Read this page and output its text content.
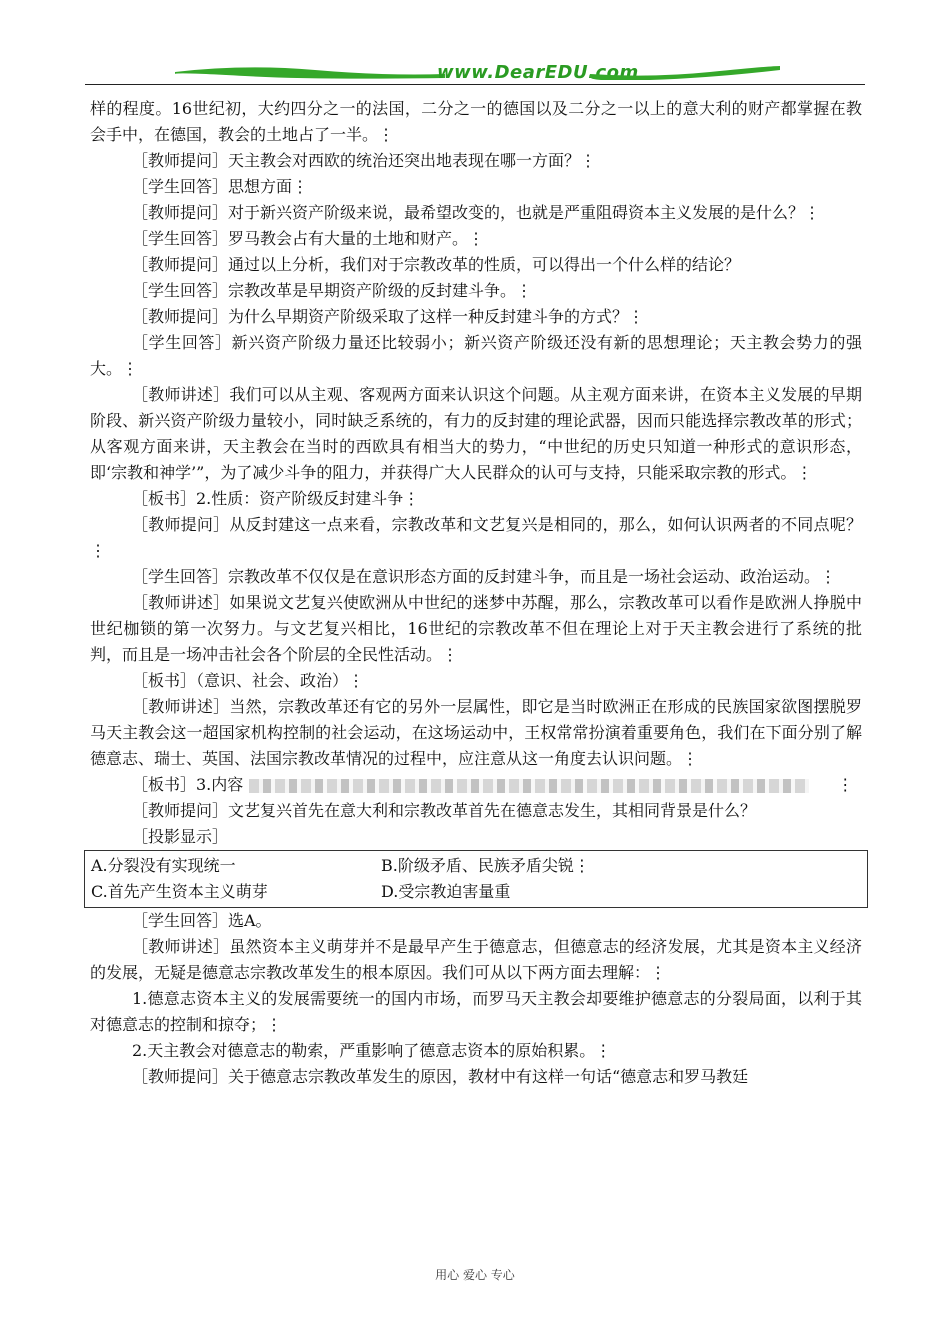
www.DearEDU.com

样的程度。16世纪初，大约四分之一的法国，二分之一的德国以及二分之一以上的意大利的财产都掌握在教会手中，在德国，教会的土地占了一半。⋮

［教师提问］天主教会对西欧的统治还突出地表现在哪一方面？⋮

［学生回答］思想方面⋮

［教师提问］对于新兴资产阶级来说，最希望改变的，也就是严重阻碍资本主义发展的是什么？⋮

［学生回答］罗马教会占有大量的土地和财产。⋮

［教师提问］通过以上分析，我们对于宗教改革的性质，可以得出一个什么样的结论？

［学生回答］宗教改革是早期资产阶级的反封建斗争。⋮

［教师提问］为什么早期资产阶级采取了这样一种反封建斗争的方式？⋮

［学生回答］新兴资产阶级力量还比较弱小；新兴资产阶级还没有新的思想理论；天主教会势力的强大。⋮

［教师讲述］我们可以从主观、客观两方面来认识这个问题。从主观方面来讲，在资本主义发展的早期阶段、新兴资产阶级力量较小，同时缺乏系统的，有力的反封建的理论武器，因而只能选择宗教改革的形式；从客观方面来讲，天主教会在当时的西欧具有相当大的势力，“中世纪的历史只知道一种形式的意识形态，即‘宗教和神学’”，为了减少斗争的阻力，并获得广大人民群众的认可与支持，只能采取宗教的形式。⋮

［板书］2.性质：资产阶级反封建斗争⋮

［教师提问］从反封建这一点来看，宗教改革和文艺复兴是相同的，那么，如何认识两者的不同点呢？⋮

［学生回答］宗教改革不仅仅是在意识形态方面的反封建斗争，而且是一场社会运动、政治运动。⋮

［教师讲述］如果说文艺复兴使欧洲从中世纪的迷梦中苏醒，那么，宗教改革可以看作是欧洲人挣脱中世纪枷锁的第一次努力。与文艺复兴相比，16世纪的宗教改革不但在理论上对于天主教会进行了系统的批判，而且是一场冲击社会各个阶层的全民性活动。⋮

［板书］（意识、社会、政治）⋮

［教师讲述］当然，宗教改革还有它的另外一层属性，即它是当时欧洲正在形成的民族国家欲图摆脱罗马天主教会这一超国家机构控制的社会运动，在这场运动中，王权常常扮演着重要角色，我们在下面分别了解德意志、瑞士、英国、法国宗教改革情况的过程中，应注意从这一角度去认识问题。⋮

［板书］3.内容	⋮

［教师提问］文艺复兴首先在意大利和宗教改革首先在德意志发生，其相同背景是什么？

［投影显示］

A.分裂没有实现统一	B.阶级矛盾、民族矛盾尖锐⋮
C.首先产生资本主义萌芽	D.受宗教迫害量重

［学生回答］选A。

［教师讲述］虽然资本主义萌芽并不是最早产生于德意志，但德意志的经济发展，尤其是资本主义经济的发展，无疑是德意志宗教改革发生的根本原因。我们可从以下两方面去理解：⋮

1.德意志资本主义的发展需要统一的国内市场，而罗马天主教会却要维护德意志的分裂局面，以利于其对德意志的控制和掠夺；⋮

2.天主教会对德意志的勒索，严重影响了德意志资本的原始积累。⋮

［教师提问］关于德意志宗教改革发生的原因，教材中有这样一句话“德意志和罗马教廷

用心 爱心 专心
